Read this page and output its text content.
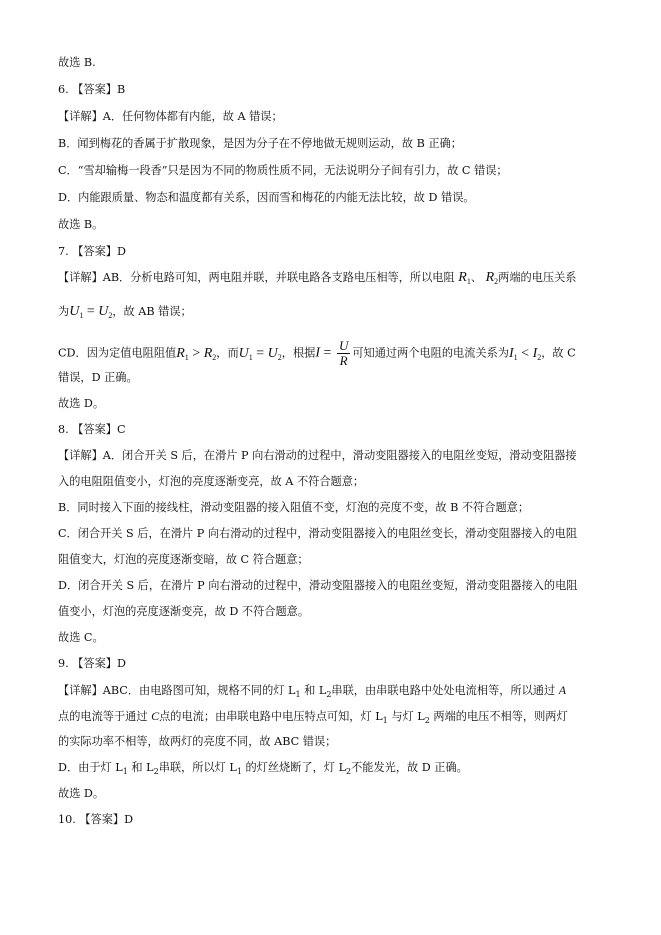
故选 B.
6. 【答案】B
【详解】A．任何物体都有内能，故 A 错误；
B．闻到梅花的香属于扩散现象，是因为分子在不停地做无规则运动，故 B 正确；
C．“雪却输梅一段香”只是因为不同的物质性质不同，无法说明分子间有引力，故 C 错误；
D．内能跟质量、物态和温度都有关系，因而雪和梅花的内能无法比较，故 D 错误。
故选 B。
7. 【答案】D
【详解】AB．分析电路可知，两电阻并联，并联电路各支路电压相等，所以电阻 $R_1$、 $R_2$两端的电压关系
为$U_1 = U_2$，故 AB 错误；
CD．因为定值电阻阻值$R_1 > R_2$，而$U_1 = U_2$，根据$I = \frac{U}{R}$ 可知通过两个电阻的电流关系为$I_1 < I_2$，故 C
错误，D 正确。
故选 D。
8. 【答案】C
【详解】A．闭合开关 S 后，在滑片 P 向右滑动的过程中，滑动变阻器接入的电阻丝变短，滑动变阻器接
入的电阻阻值变小，灯泡的亮度逐渐变亮，故 A 不符合题意；
B．同时接入下面的接线柱，滑动变阻器的接入阻值不变，灯泡的亮度不变，故 B 不符合题意；
C．闭合开关 S 后，在滑片 P 向右滑动的过程中，滑动变阻器接入的电阻丝变长，滑动变阻器接入的电阻
阻值变大，灯泡的亮度逐渐变暗，故 C 符合题意；
D．闭合开关 S 后，在滑片 P 向右滑动的过程中，滑动变阻器接入的电阻丝变短，滑动变阻器接入的电阻
值变小，灯泡的亮度逐渐变亮，故 D 不符合题意。
故选 C。
9. 【答案】D
【详解】ABC．由电路图可知，规格不同的灯 $L_1$ 和 $L_2$串联，由串联电路中处处电流相等，所以通过 A
点的电流等于通过 C点的电流；由串联电路中电压特点可知，灯 $L_1$ 与灯 $L_2$ 两端的电压不相等，则两灯
的实际功率不相等，故两灯的亮度不同，故 ABC 错误；
D．由于灯 $L_1$ 和 $L_2$串联，所以灯 $L_1$ 的灯丝烧断了，灯 $L_2$不能发光，故 D 正确。
故选 D。
10. 【答案】D
